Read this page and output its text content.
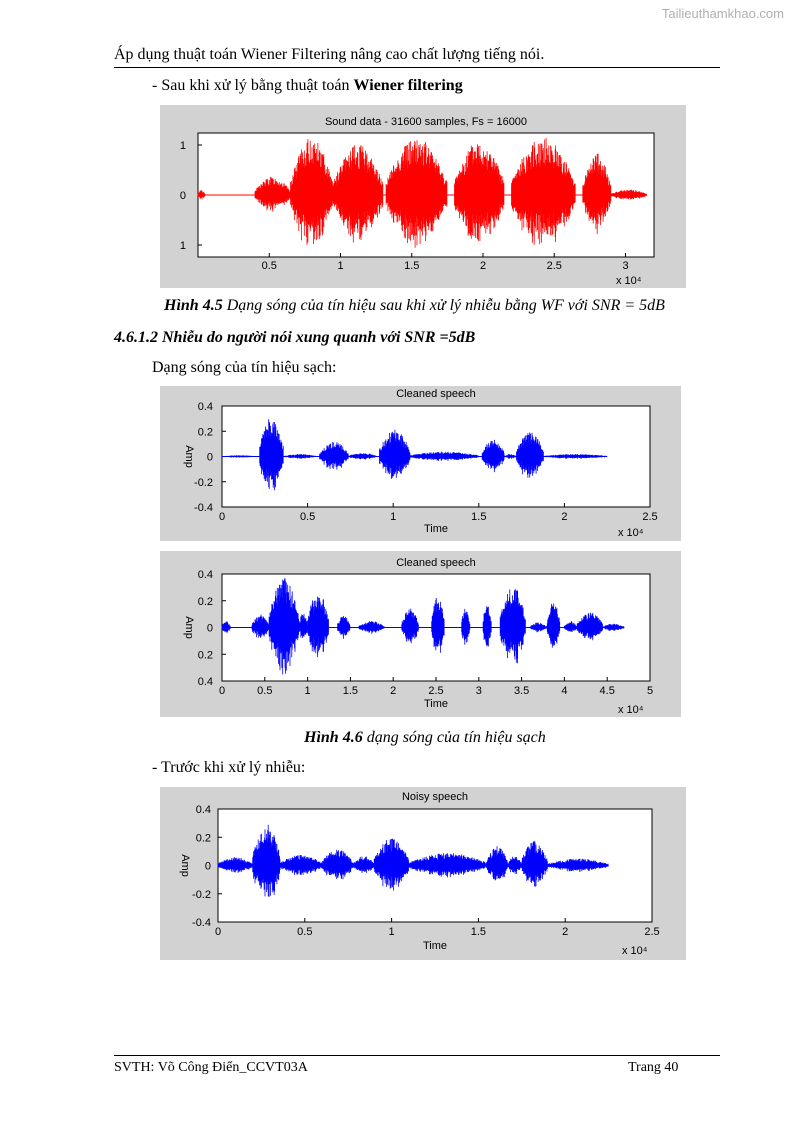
Tailieuthamkhao.com
Áp dụng thuật toán Wiener Filtering nâng cao chất lượng tiếng nói.
- Sau khi xử lý bằng thuật toán Wiener filtering
Sound data - 31600 samples, Fs = 16000
0.5	1	1.5	2	2.5	3
1
0
1
x 10⁴
Hình 4.5 Dạng sóng của tín hiệu sau khi xử lý nhiễu bằng WF với SNR = 5dB
4.6.1.2 Nhiễu do người nói xung quanh với SNR =5dB
Dạng sóng của tín hiệu sạch:
Cleaned speech
0	0.5	1	1.5	2	2.5
0.4
0.2
0
-0.2
-0.4
Time
Amp
x 10⁴
Cleaned speech
0	0.5	1	1.5	2	2.5	3	3.5	4	4.5	5
0.4
0.2
0
0.2
0.4
Time
Amp
x 10⁴
Hình 4.6 dạng sóng của tín hiệu sạch
- Trước khi xử lý nhiễu:
Noisy speech
0	0.5	1	1.5	2	2.5
0.4
0.2
0
-0.2
-0.4
Time
Amp
x 10⁴
SVTH: Võ Công Điển_CCVT03A	Trang 40
